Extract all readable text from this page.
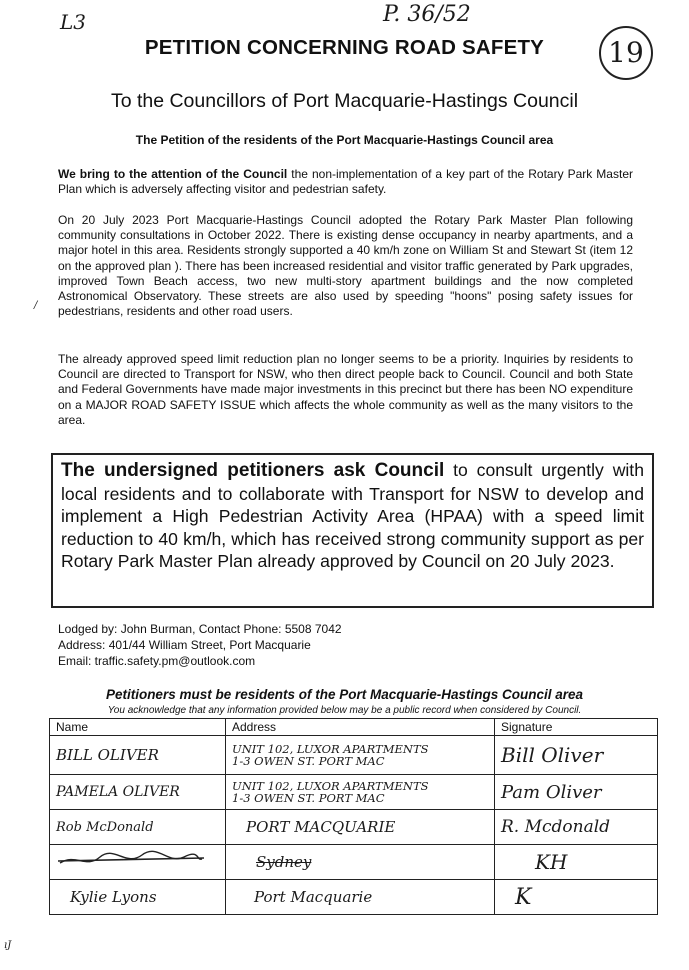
L3	P. 36/52
19
/
ıJ
PETITION CONCERNING ROAD SAFETY
To the Councillors of Port Macquarie-Hastings Council
The Petition of the residents of the Port Macquarie-Hastings Council area
We bring to the attention of the Council the non-implementation of a key part of the Rotary Park Master Plan which is adversely affecting visitor and pedestrian safety.
On 20 July 2023 Port Macquarie-Hastings Council adopted the Rotary Park Master Plan following community consultations in October 2022. There is existing dense occupancy in nearby apartments, and a major hotel in this area. Residents strongly supported a 40 km/h zone on William St and Stewart St (item 12 on the approved plan ). There has been increased residential and visitor traffic generated by Park upgrades, improved Town Beach access, two new multi-story apartment buildings and the now completed Astronomical Observatory. These streets are also used by speeding "hoons" posing safety issues for pedestrians, residents and other road users.
The already approved speed limit reduction plan no longer seems to be a priority. Inquiries by residents to Council are directed to Transport for NSW, who then direct people back to Council. Council and both State and Federal Governments have made major investments in this precinct but there has been NO expenditure on a MAJOR ROAD SAFETY ISSUE which affects the whole community as well as the many visitors to the area.
The undersigned petitioners ask Council to consult urgently with local residents and to collaborate with Transport for NSW to develop and implement a High Pedestrian Activity Area (HPAA) with a speed limit reduction to 40 km/h, which has received strong community support as per Rotary Park Master Plan already approved by Council on 20 July 2023.
Lodged by: John Burman, Contact Phone: 5508 7042
Address: 401/44 William Street, Port Macquarie
Email: traffic.safety.pm@outlook.com
Petitioners must be residents of the Port Macquarie-Hastings Council area
You acknowledge that any information provided below may be a public record when considered by Council.
Name	Address	Signature
BILL OLIVER	UNIT 102, LUXOR APARTMENTS
1-3 OWEN ST. PORT MAC	Bill Oliver
PAMELA OLIVER	UNIT 102, LUXOR APARTMENTS
1-3 OWEN ST. PORT MAC	Pam Oliver
Rob McDonald	PORT MACQUARIE	R. Mcdonald
	Sydney	KH
Kylie Lyons	Port Macquarie	K
